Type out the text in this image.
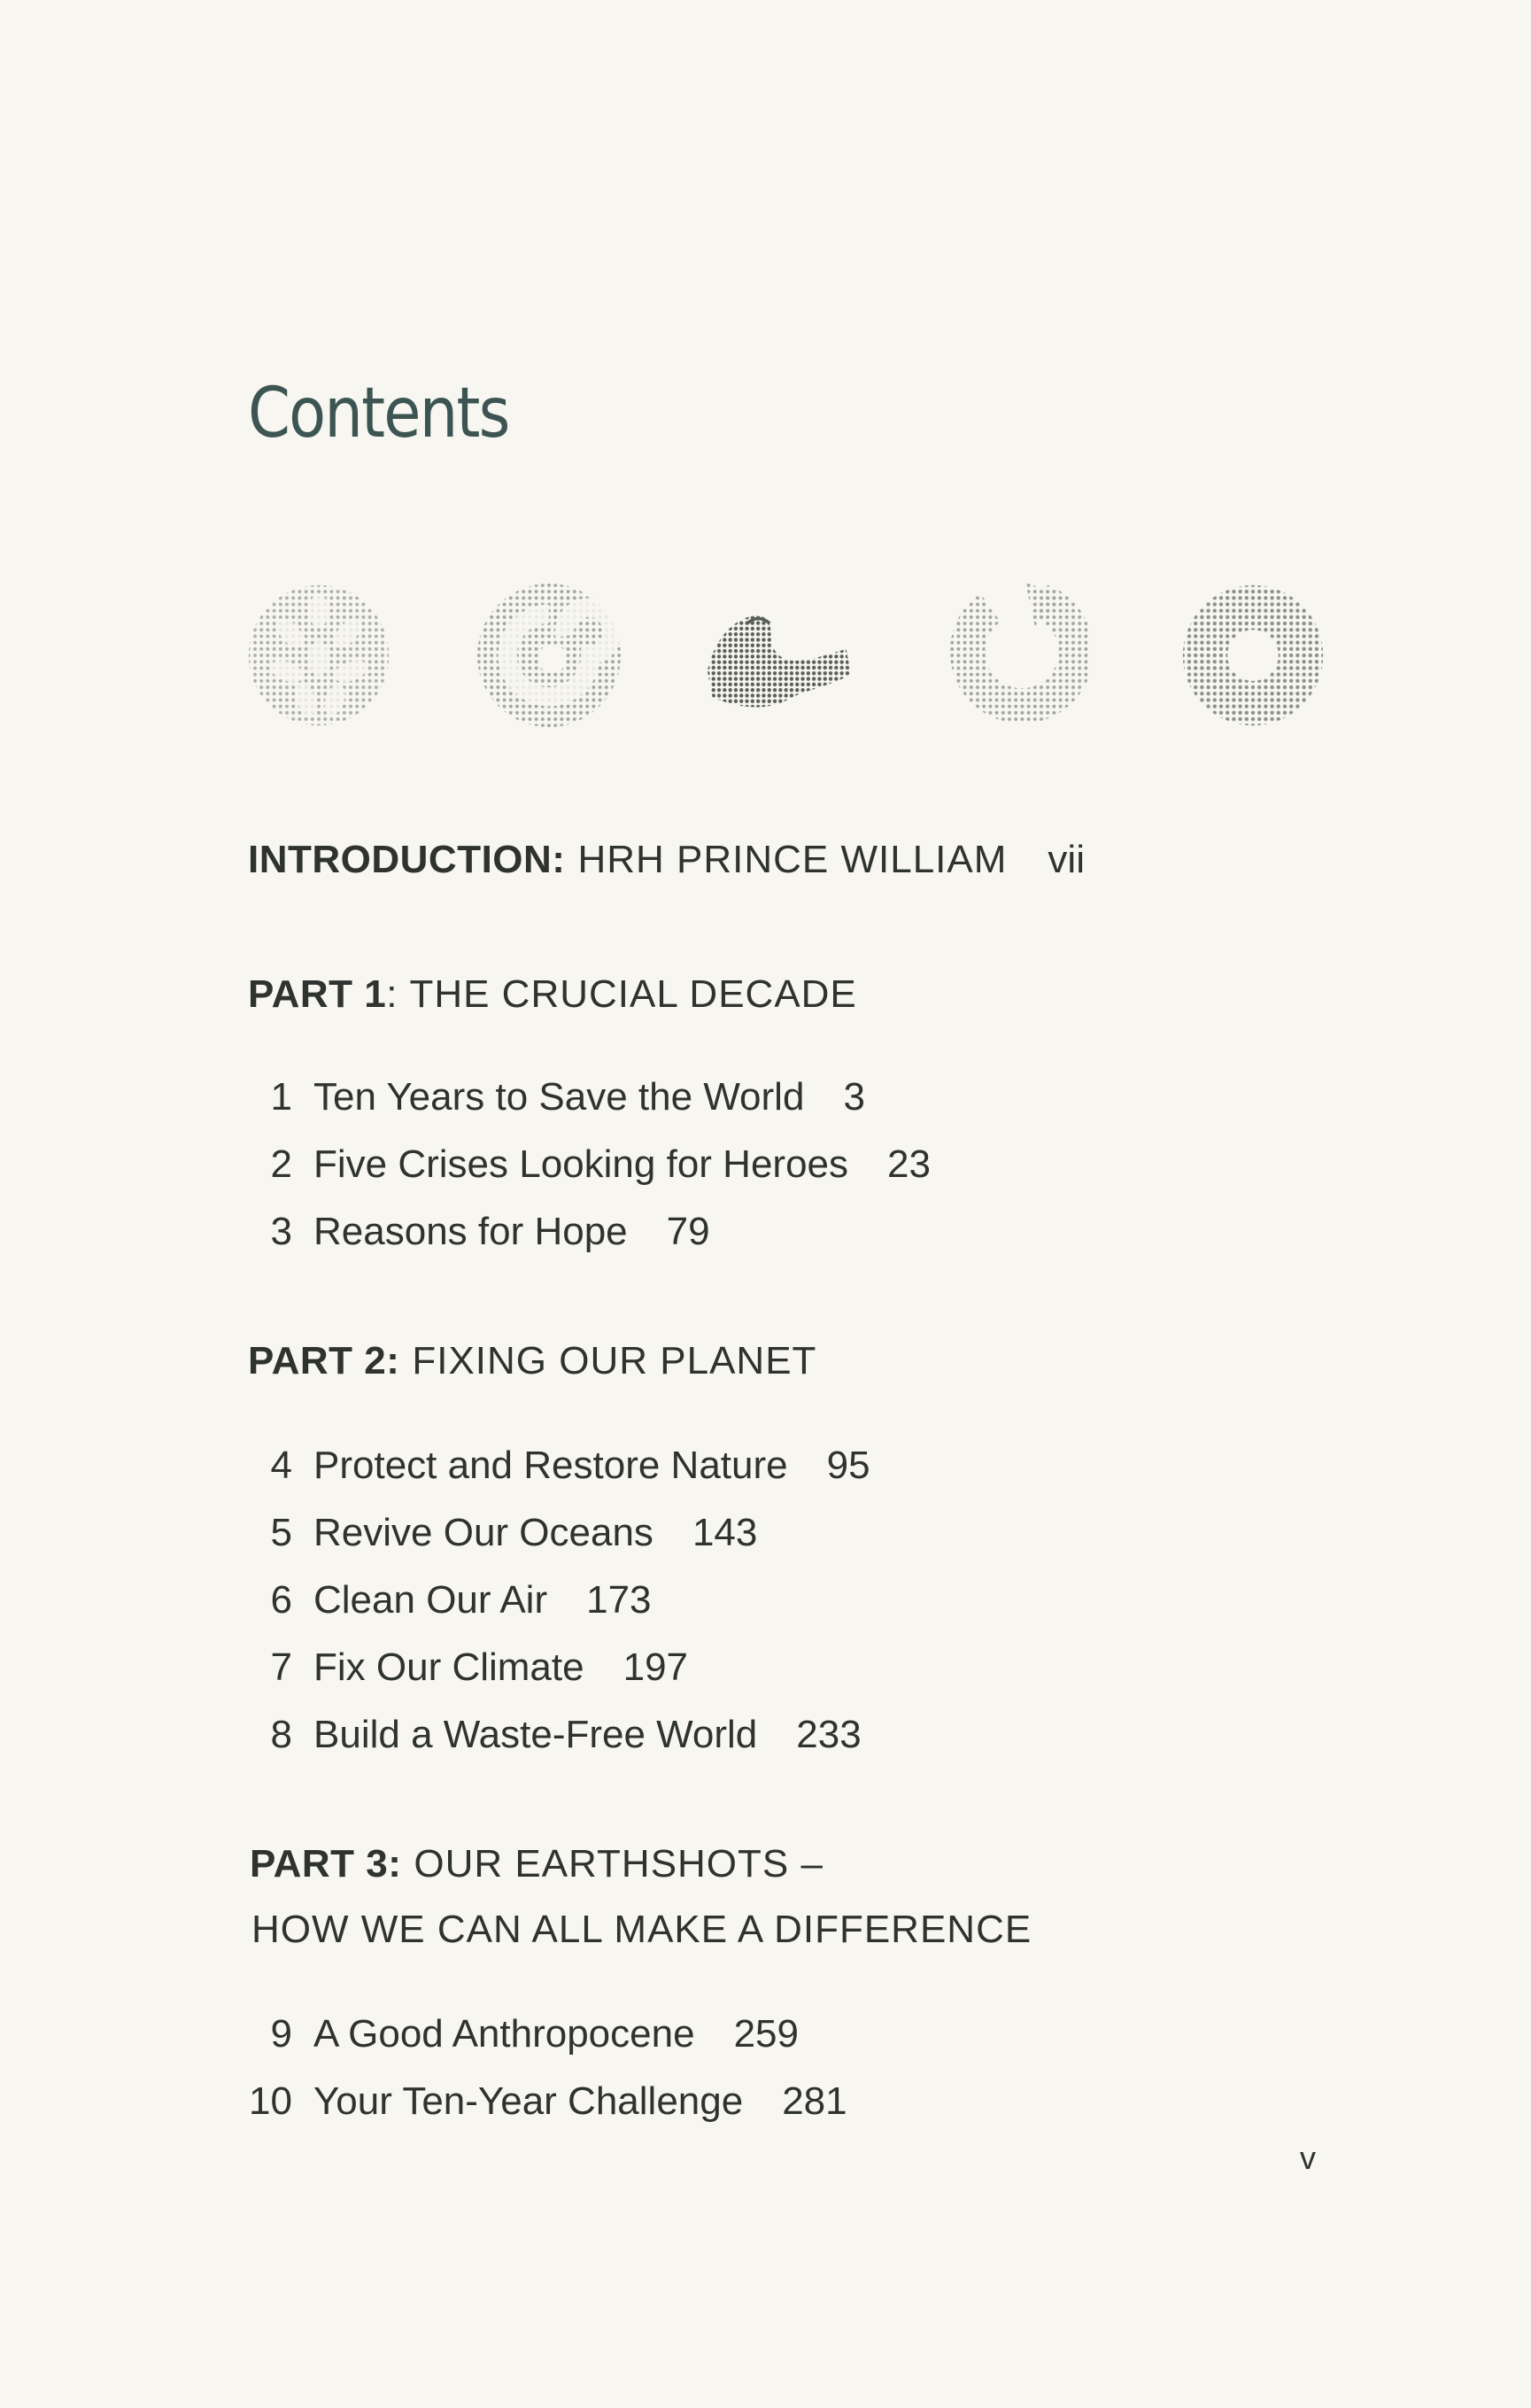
Contents
INTRODUCTION: HRH PRINCE WILLIAM vii
PART 1: THE CRUCIAL DECADE
1 Ten Years to Save the World 3
2 Five Crises Looking for Heroes 23
3 Reasons for Hope 79
PART 2: FIXING OUR PLANET
4 Protect and Restore Nature 95
5 Revive Our Oceans 143
6 Clean Our Air 173
7 Fix Our Climate 197
8 Build a Waste-Free World 233
PART 3: OUR EARTHSHOTS –
HOW WE CAN ALL MAKE A DIFFERENCE
9 A Good Anthropocene 259
10 Your Ten-Year Challenge 281
v
